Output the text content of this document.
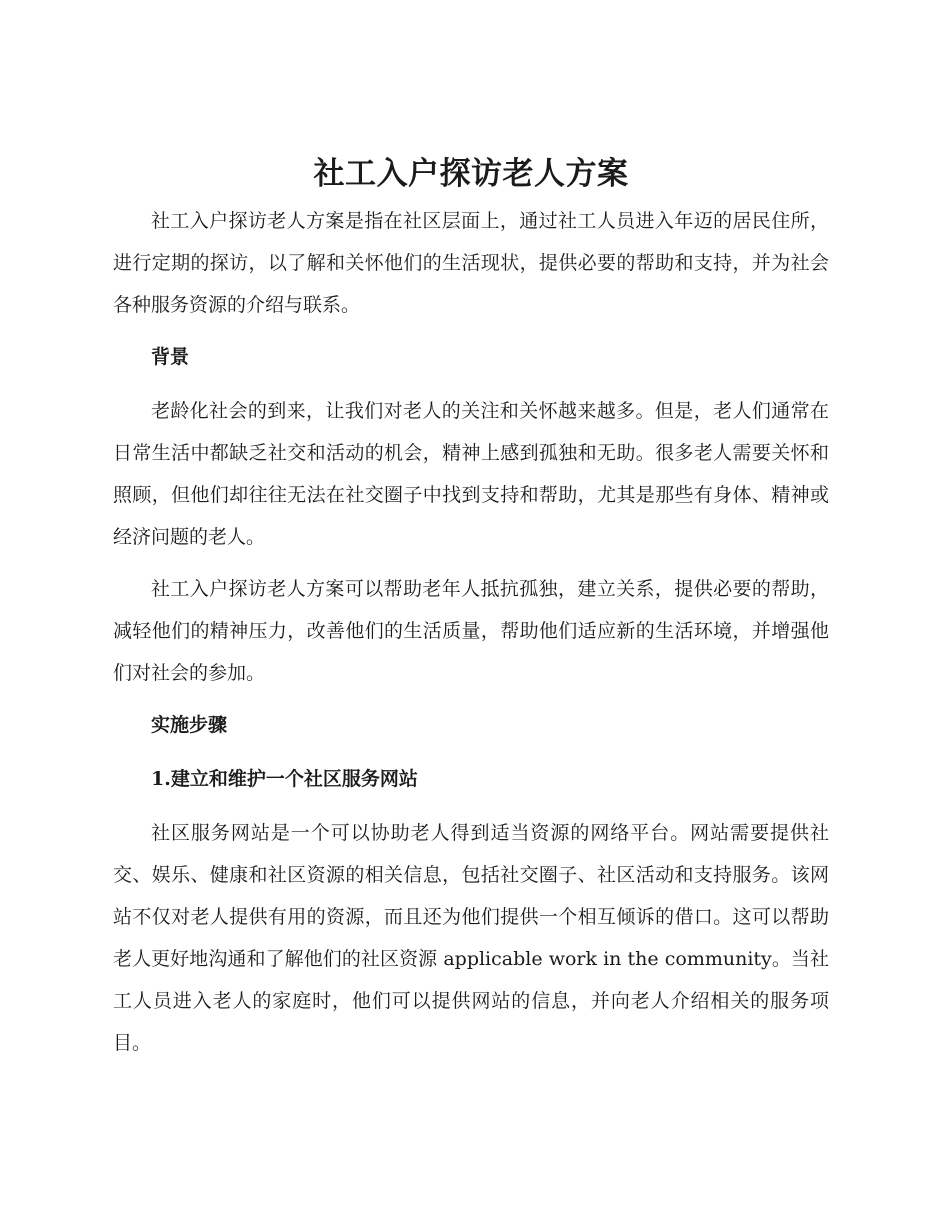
社工入户探访老人方案

社工入户探访老人方案是指在社区层面上，通过社工人员进入年迈的居民住所，进行定期的探访，以了解和关怀他们的生活现状，提供必要的帮助和支持，并为社会各种服务资源的介绍与联系。

背景

老龄化社会的到来，让我们对老人的关注和关怀越来越多。但是，老人们通常在日常生活中都缺乏社交和活动的机会，精神上感到孤独和无助。很多老人需要关怀和照顾，但他们却往往无法在社交圈子中找到支持和帮助，尤其是那些有身体、精神或经济问题的老人。

社工入户探访老人方案可以帮助老年人抵抗孤独，建立关系，提供必要的帮助，减轻他们的精神压力，改善他们的生活质量，帮助他们适应新的生活环境，并增强他们对社会的参加。

实施步骤
1.建立和维护一个社区服务网站

社区服务网站是一个可以协助老人得到适当资源的网络平台。网站需要提供社交、娱乐、健康和社区资源的相关信息，包括社交圈子、社区活动和支持服务。该网站不仅对老人提供有用的资源，而且还为他们提供一个相互倾诉的借口。这可以帮助老人更好地沟通和了解他们的社区资源 applicable work in the community。当社工人员进入老人的家庭时，他们可以提供网站的信息，并向老人介绍相关的服务项目。
